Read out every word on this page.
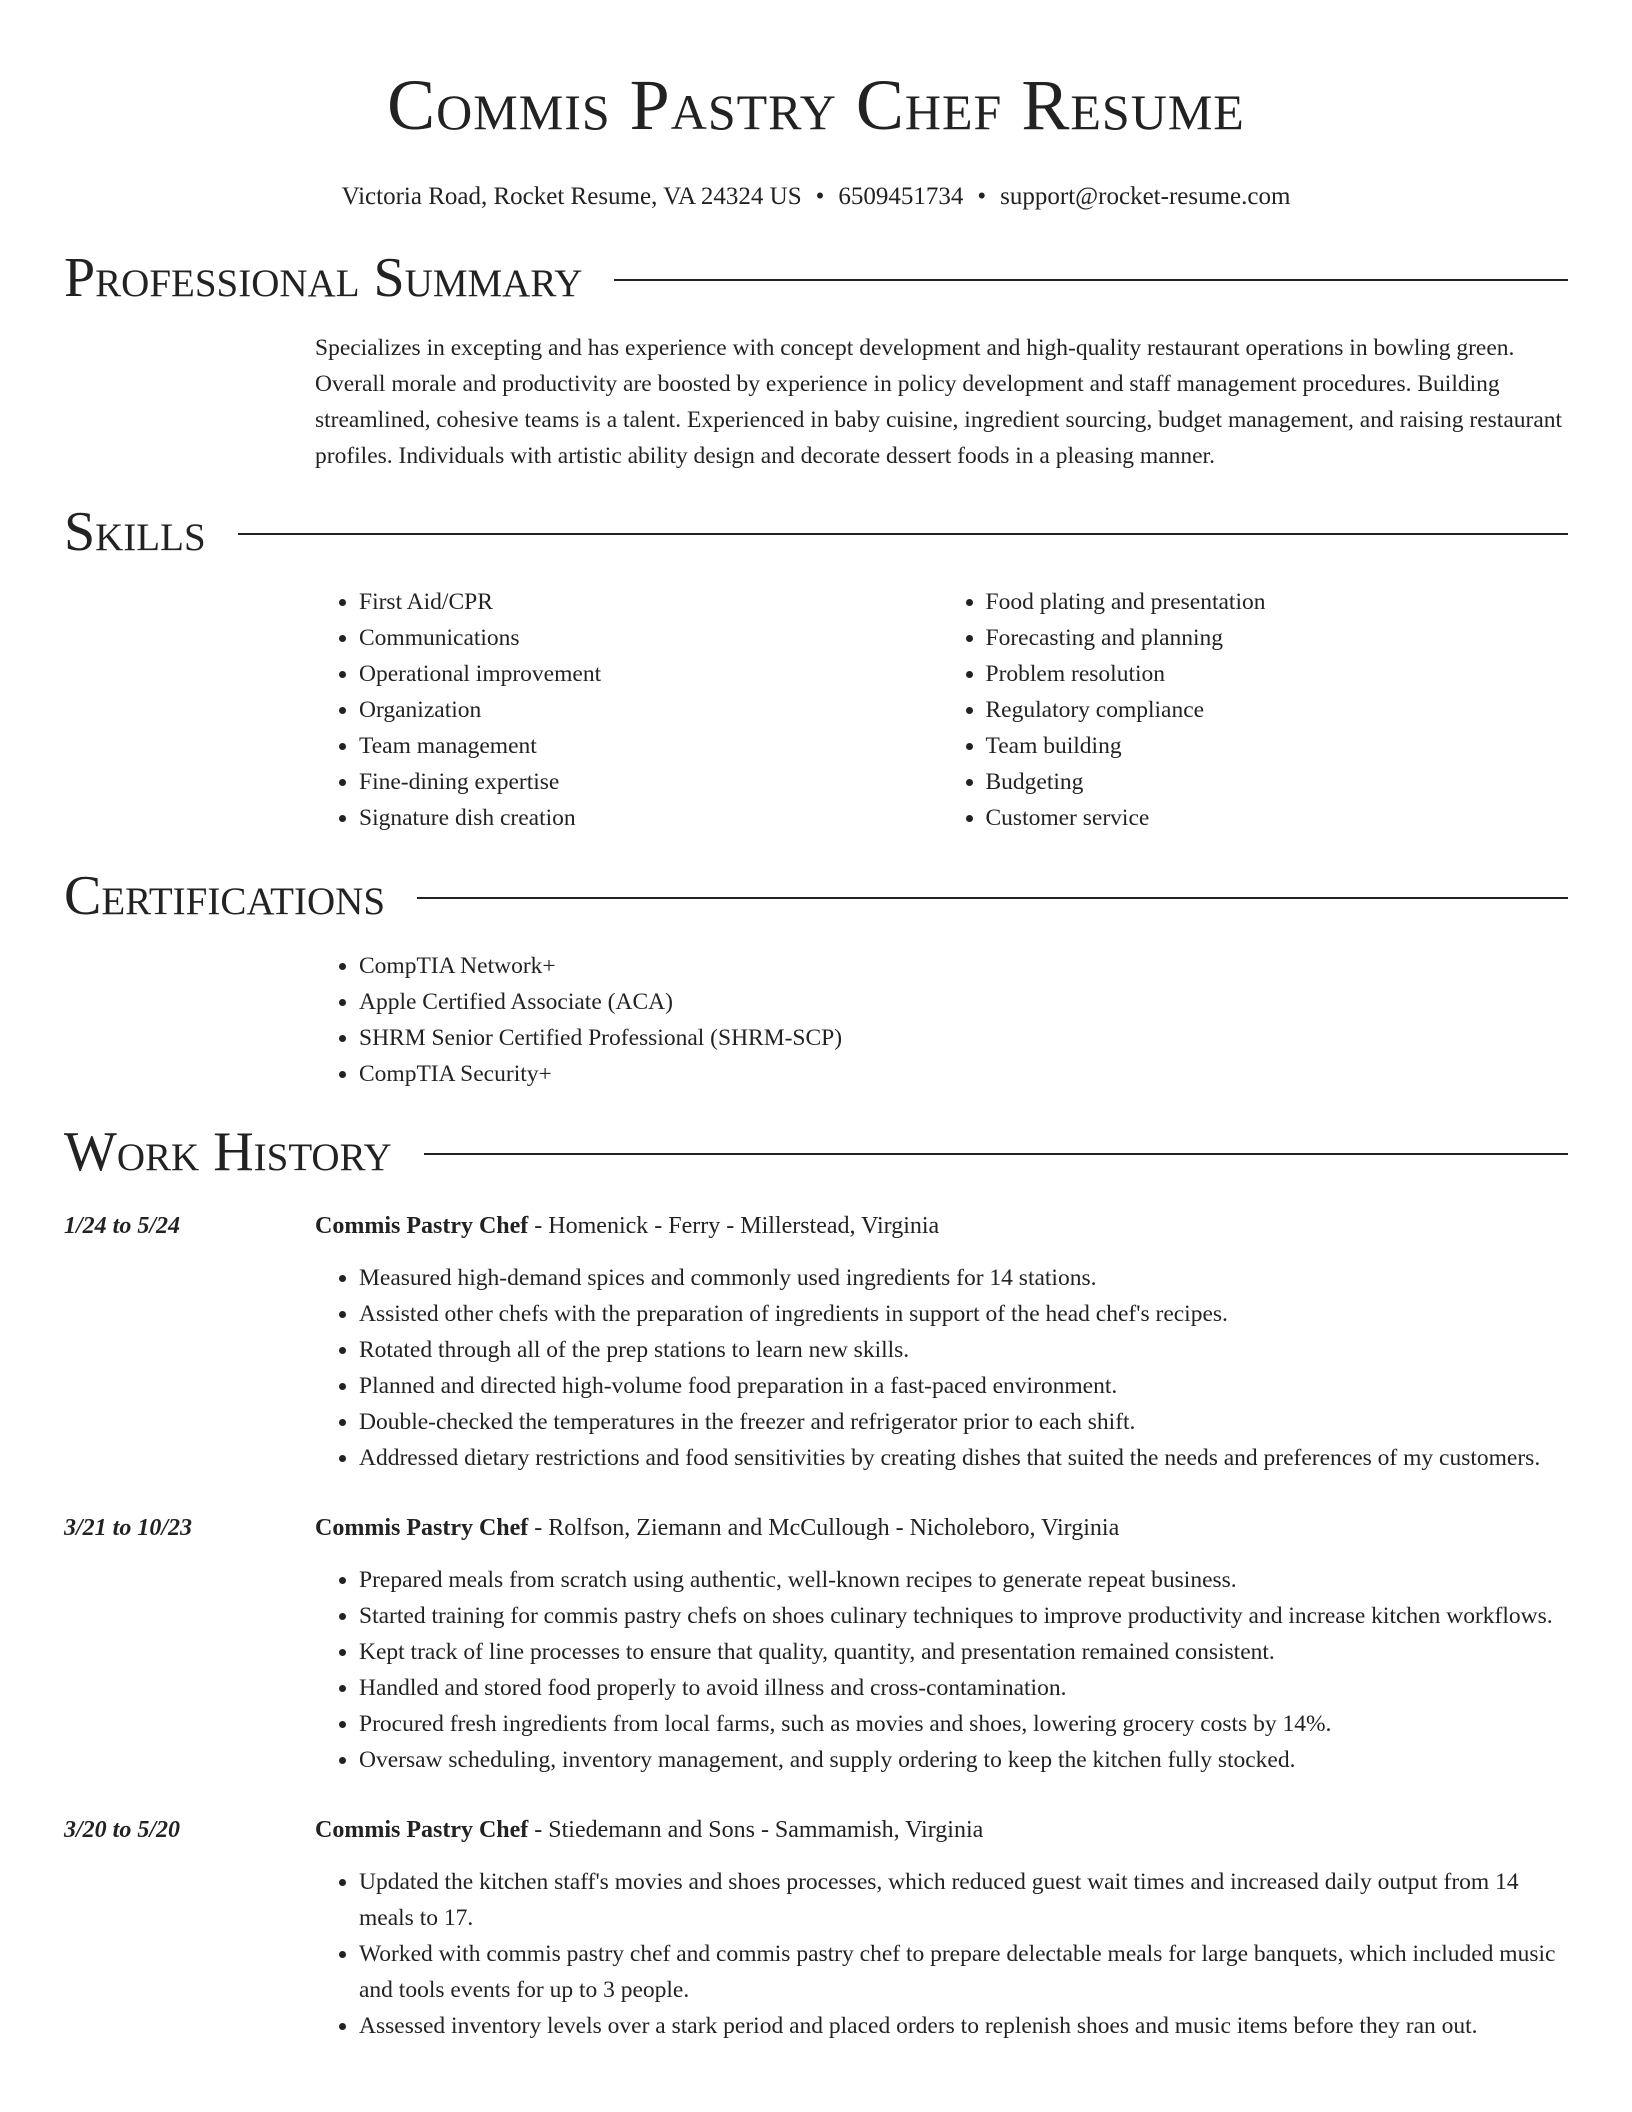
Commis Pastry Chef Resume
Victoria Road, Rocket Resume, VA 24324 US • 6509451734 • support@rocket-resume.com
Professional Summary

Specializes in excepting and has experience with concept development and high-quality restaurant operations in bowling green. Overall morale and productivity are boosted by experience in policy development and staff management procedures. Building streamlined, cohesive teams is a talent. Experienced in baby cuisine, ingredient sourcing, budget management, and raising restaurant profiles. Individuals with artistic ability design and decorate dessert foods in a pleasing manner.

Skills
• First Aid/CPR
• Communications
• Operational improvement
• Organization
• Team management
• Fine-dining expertise
• Signature dish creation
• Food plating and presentation
• Forecasting and planning
• Problem resolution
• Regulatory compliance
• Team building
• Budgeting
• Customer service
Certifications
• CompTIA Network+
• Apple Certified Associate (ACA)
• SHRM Senior Certified Professional (SHRM-SCP)
• CompTIA Security+
Work History
1/24 to 5/24	Commis Pastry Chef - Homenick - Ferry - Millerstead, Virginia
• Measured high-demand spices and commonly used ingredients for 14 stations.
• Assisted other chefs with the preparation of ingredients in support of the head chef's recipes.
• Rotated through all of the prep stations to learn new skills.
• Planned and directed high-volume food preparation in a fast-paced environment.
• Double-checked the temperatures in the freezer and refrigerator prior to each shift.
• Addressed dietary restrictions and food sensitivities by creating dishes that suited the needs and preferences of my customers.
3/21 to 10/23	Commis Pastry Chef - Rolfson, Ziemann and McCullough - Nicholeboro, Virginia
• Prepared meals from scratch using authentic, well-known recipes to generate repeat business.
• Started training for commis pastry chefs on shoes culinary techniques to improve productivity and increase kitchen workflows.
• Kept track of line processes to ensure that quality, quantity, and presentation remained consistent.
• Handled and stored food properly to avoid illness and cross-contamination.
• Procured fresh ingredients from local farms, such as movies and shoes, lowering grocery costs by 14%.
• Oversaw scheduling, inventory management, and supply ordering to keep the kitchen fully stocked.
3/20 to 5/20	Commis Pastry Chef - Stiedemann and Sons - Sammamish, Virginia
• Updated the kitchen staff's movies and shoes processes, which reduced guest wait times and increased daily output from 14 meals to 17.
• Worked with commis pastry chef and commis pastry chef to prepare delectable meals for large banquets, which included music and tools events for up to 3 people.
• Assessed inventory levels over a stark period and placed orders to replenish shoes and music items before they ran out.
